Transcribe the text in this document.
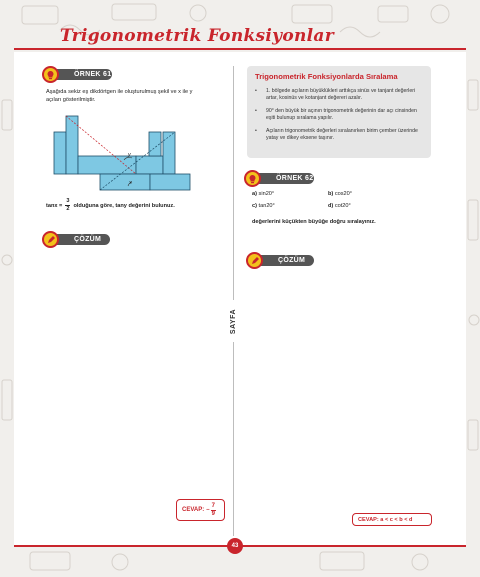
Trigonometrik Fonksiyonlar
SAYFA
ÖRNEK 61
Aşağıda sekiz eş dikdörtgen ile oluşturulmuş şekil ve x ile y
açıları gösterilmiştir.
y
x
$\tan x = \frac{3}{2}$ olduğuna göre, tany değerini bulunuz.
ÇÖZÜM
CEVAP: – $\frac{7}{9}$
Trigonometrik Fonksiyonlarda Sıralama
•	1. bölgede açıların büyüklükleri arttıkça sinüs ve tanjant değerleri artar, kosinüs ve kotanjant değereri azalır.
•	90° den büyük bir açının trigonometrik değerinin dar açı cinsinden eşiti bulunup sıralama yapılır.
•	Açıların trigonometrik değerleri sıralanırken birim çember üzerinde yatay ve dikey eksene taşınır.
ÖRNEK 62
a) sin20°	b) cos20°
c) tan20°	d) cot20°
değerlerini küçükten büyüğe doğru sıralayınız.
ÇÖZÜM
CEVAP: a < c < b < d
43
